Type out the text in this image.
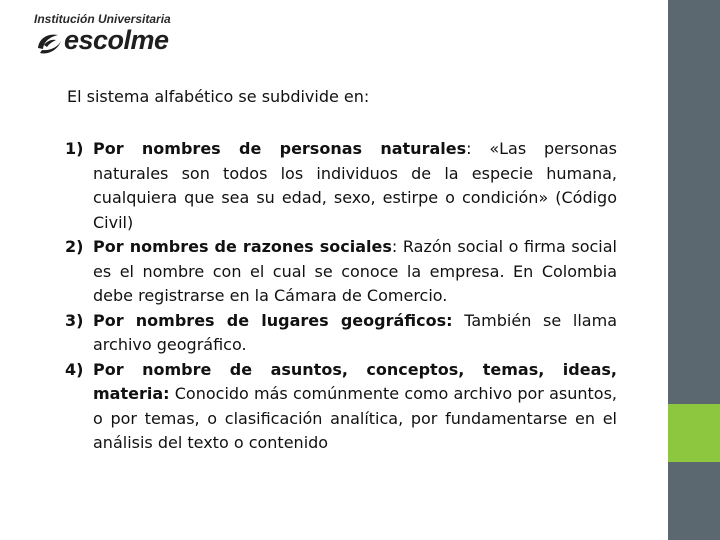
Institución Universitaria
escolme
El sistema alfabético se subdivide en:
1) Por nombres de personas naturales: «Las personas naturales son todos los individuos de la especie humana, cualquiera que sea su edad, sexo, estirpe o condición» (Código Civil)
2) Por nombres de razones sociales: Razón social o firma social es el nombre con el cual se conoce la empresa. En Colombia debe registrarse en la Cámara de Comercio.
3) Por nombres de lugares geográficos: También se llama archivo geográfico.
4) Por nombre de asuntos, conceptos, temas, ideas, materia: Conocido más comúnmente como archivo por asuntos, o por temas, o clasificación analítica, por fundamentarse en el análisis del texto o contenido
